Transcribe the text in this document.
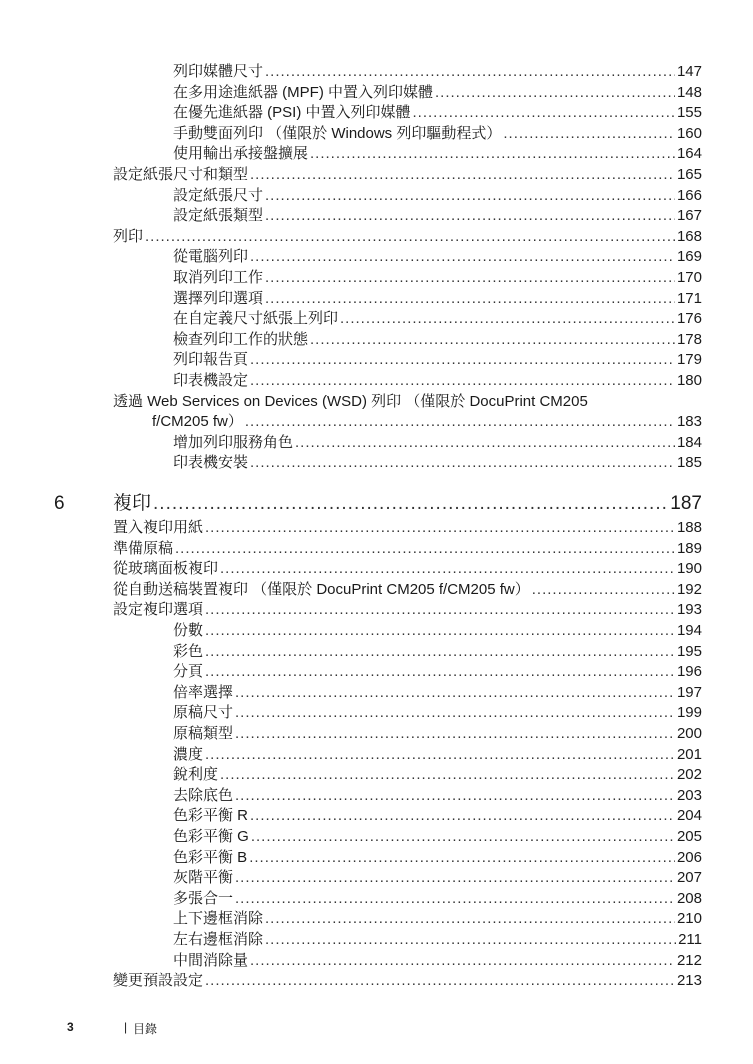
列印媒體尺寸 .....	147
在多用途進紙器 (MPF) 中置入列印媒體 .....	148
在優先進紙器 (PSI) 中置入列印媒體 .....	155
手動雙面列印 （僅限於 Windows 列印驅動程式） .....	160
使用輸出承接盤擴展 .....	164
設定紙張尺寸和類型 .....	165
設定紙張尺寸 .....	166
設定紙張類型 .....	167
列印 .....	168
從電腦列印 .....	169
取消列印工作 .....	170
選擇列印選項 .....	171
在自定義尺寸紙張上列印 .....	176
檢查列印工作的狀態 .....	178
列印報告頁 .....	179
印表機設定 .....	180
透過 Web Services on Devices (WSD) 列印 （僅限於 DocuPrint CM205
f/CM205 fw） .....	183
增加列印服務角色 .....	184
印表機安裝 .....	185
6	複印 .....	187
置入複印用紙 .....	188
準備原稿 .....	189
從玻璃面板複印 .....	190
從自動送稿裝置複印 （僅限於 DocuPrint CM205 f/CM205 fw） .....	192
設定複印選項 .....	193
份數 .....	194
彩色 .....	195
分頁 .....	196
倍率選擇 .....	197
原稿尺寸 .....	199
原稿類型 .....	200
濃度 .....	201
銳利度 .....	202
去除底色 .....	203
色彩平衡 R .....	204
色彩平衡 G .....	205
色彩平衡 B .....	206
灰階平衡 .....	207
多張合一 .....	208
上下邊框消除 .....	210
左右邊框消除 .....	211
中間消除量 .....	212
變更預設設定 .....	213
3	| 目錄
